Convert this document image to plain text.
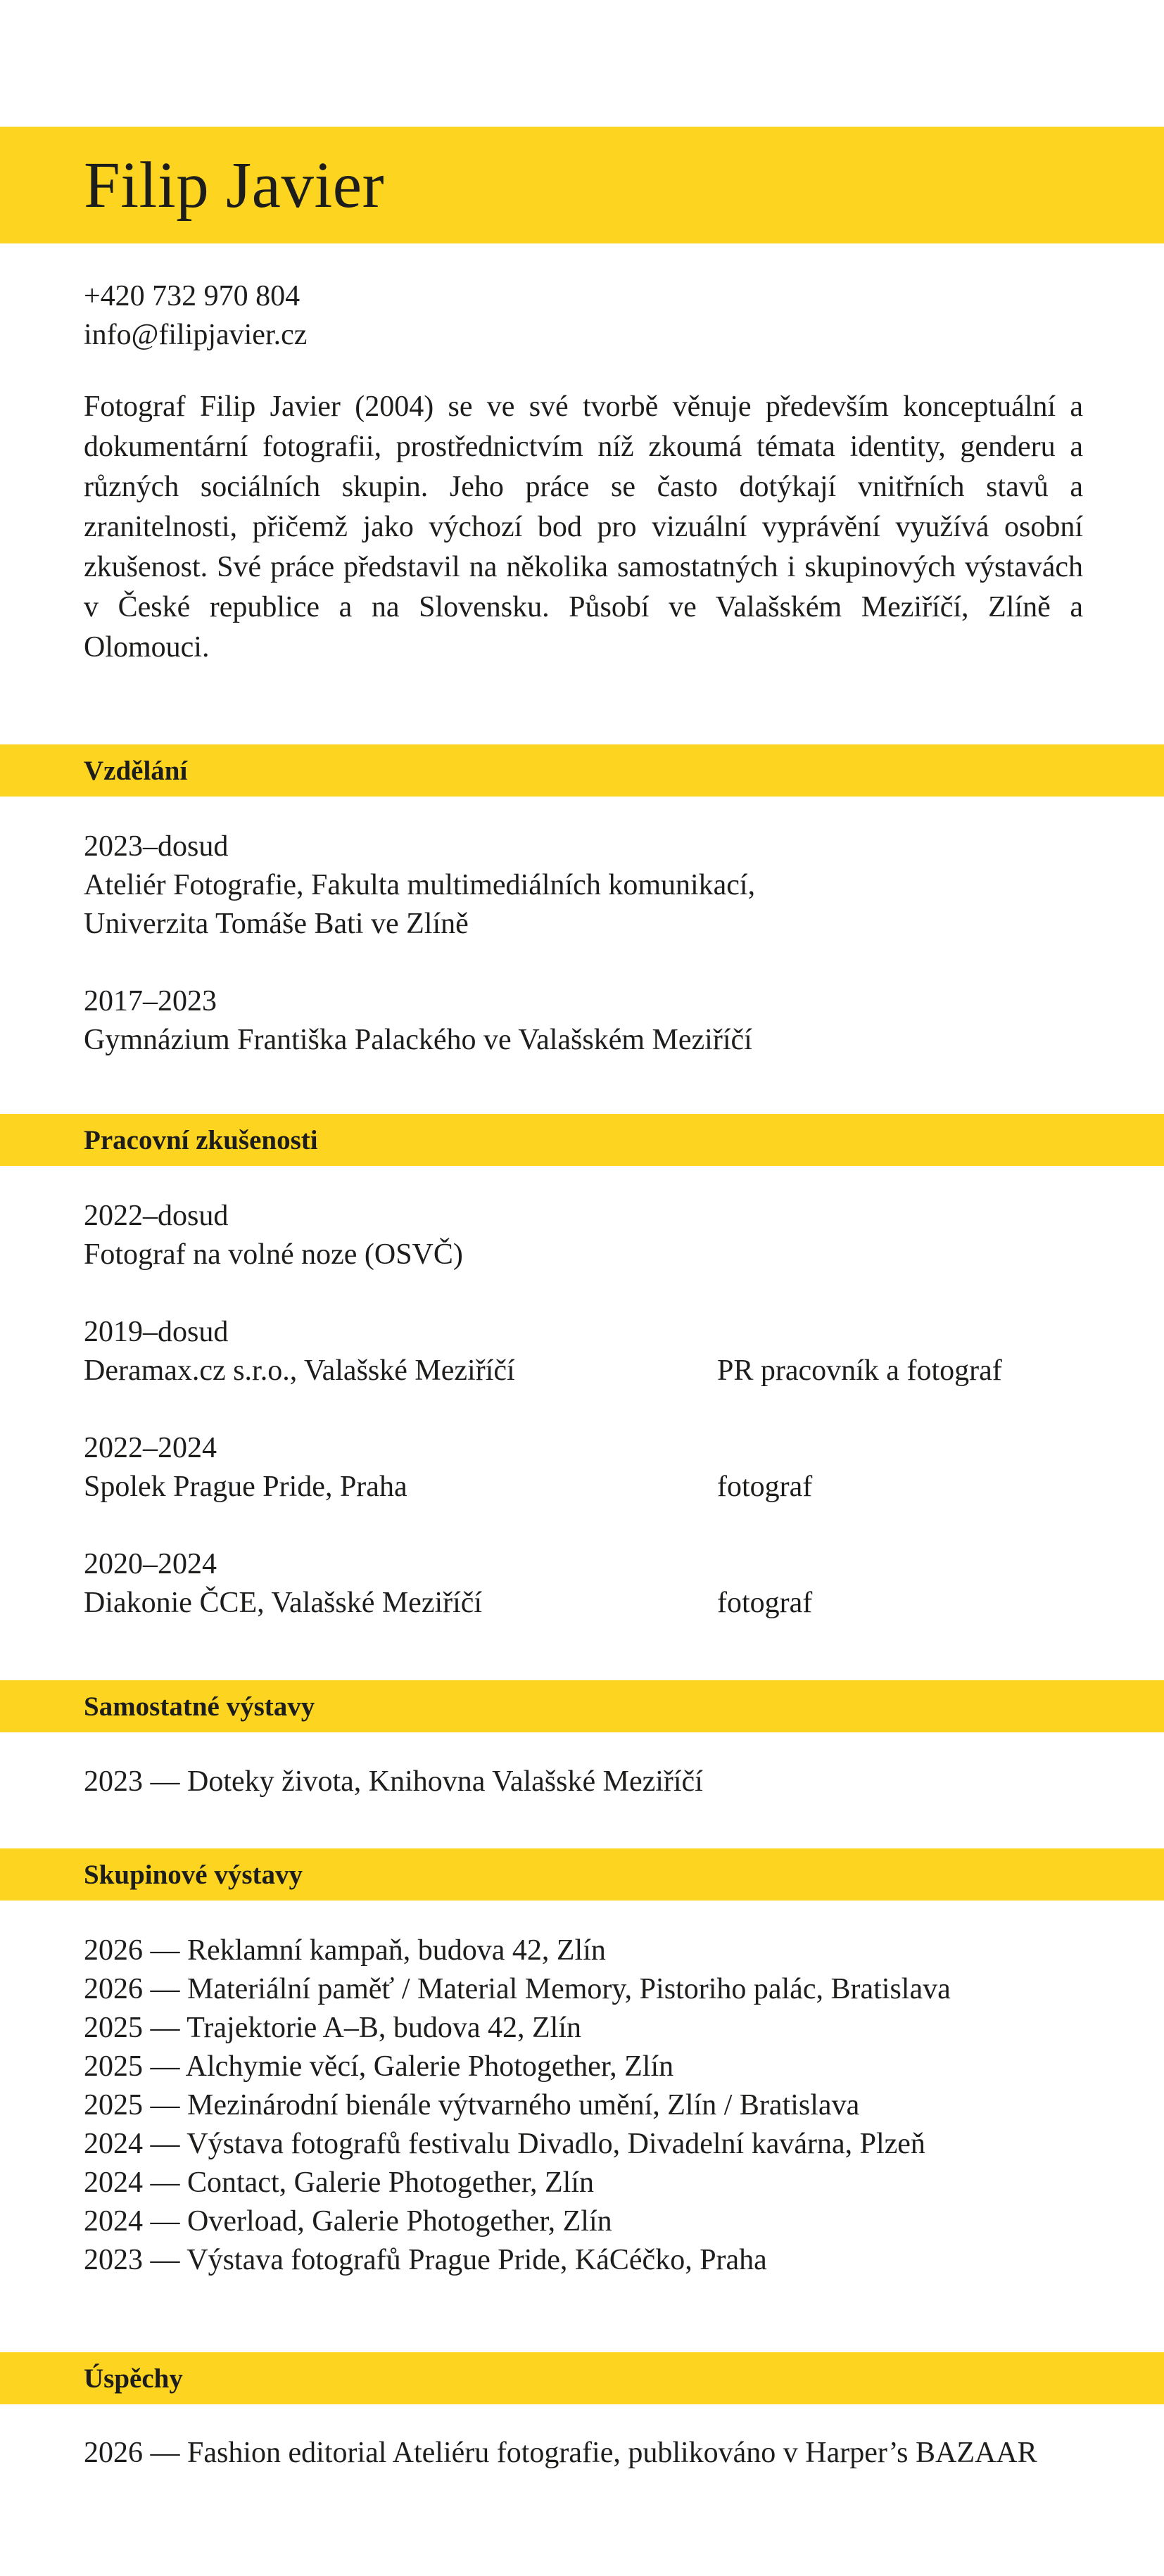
Filip Javier
+420 732 970 804
info@filipjavier.cz

Fotograf Filip Javier (2004) se ve své tvorbě věnuje především konceptuální a dokumentární fotografii, prostřednictvím níž zkoumá témata identity, genderu a různých sociálních skupin. Jeho práce se často dotýkají vnitřních stavů a zranitelnosti, přičemž jako výchozí bod pro vizuální vyprávění využívá osobní zkušenost. Své práce představil na několika samostatných i skupinových výstavách v České republice a na Slovensku. Působí ve Valašském Meziříčí, Zlíně a Olomouci.

Vzdělání
2023–dosud
Ateliér Fotografie, Fakulta multimediálních komunikací,
Univerzita Tomáše Bati ve Zlíně
2017–2023
Gymnázium Františka Palackého ve Valašském Meziříčí
Pracovní zkušenosti
2022–dosud
Fotograf na volné noze (OSVČ)
2019–dosud
Deramax.cz s.r.o., Valašské Meziříčí	PR pracovník a fotograf
2022–2024
Spolek Prague Pride, Praha	fotograf
2020–2024
Diakonie ČCE, Valašské Meziříčí	fotograf
Samostatné výstavy
2023 — Doteky života, Knihovna Valašské Meziříčí
Skupinové výstavy
2026 — Reklamní kampaň, budova 42, Zlín
2026 — Materiální paměť / Material Memory, Pistoriho palác, Bratislava
2025 — Trajektorie A–B, budova 42, Zlín
2025 — Alchymie věcí, Galerie Photogether, Zlín
2025 — Mezinárodní bienále výtvarného umění, Zlín / Bratislava
2024 — Výstava fotografů festivalu Divadlo, Divadelní kavárna, Plzeň
2024 — Contact, Galerie Photogether, Zlín
2024 — Overload, Galerie Photogether, Zlín
2023 — Výstava fotografů Prague Pride, KáCéčko, Praha
Úspěchy
2026 — Fashion editorial Ateliéru fotografie, publikováno v Harper’s BAZAAR
